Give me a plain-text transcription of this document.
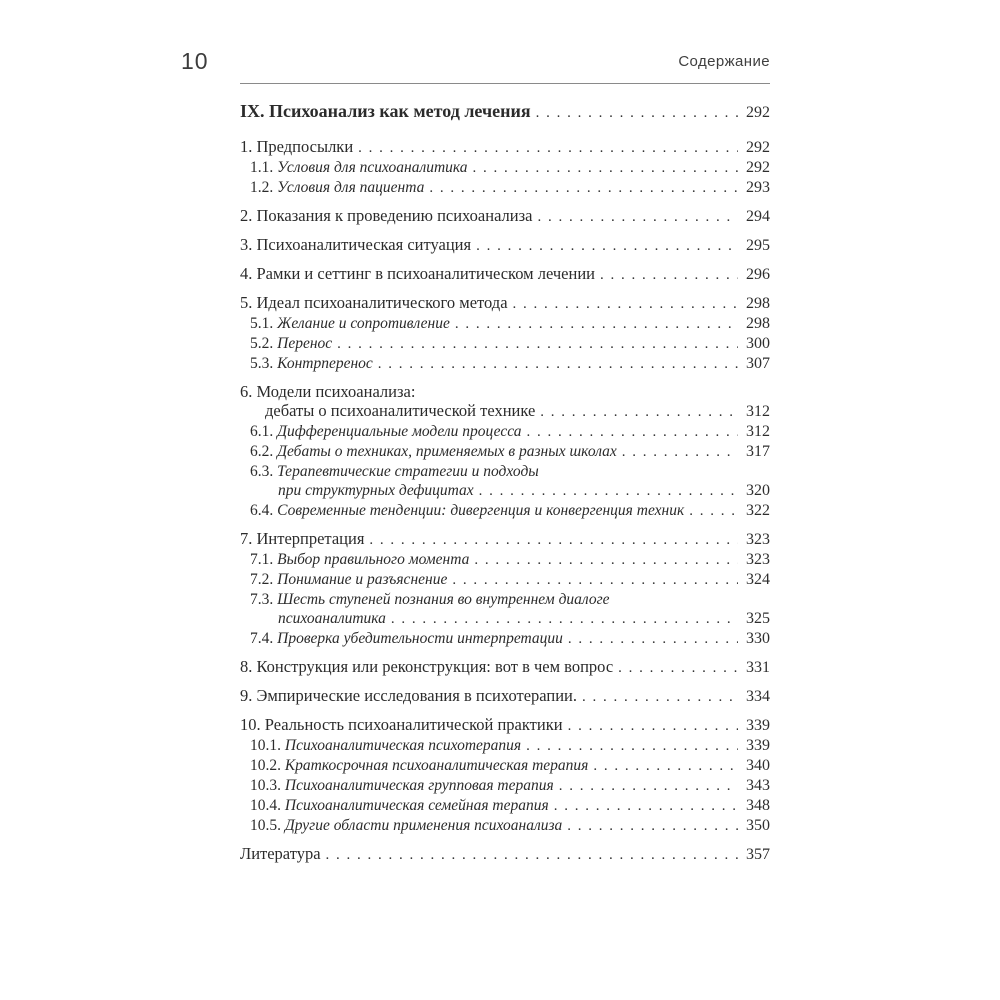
10	Содержание
IX. Психоанализ как метод лечения . . .	292
1. Предпосылки . . .	292
1.1. Условия для психоаналитика . . .	292
1.2. Условия для пациента . . .	293
2. Показания к проведению психоанализа . . .	294
3. Психоаналитическая ситуация . . .	295
4. Рамки и сеттинг в психоаналитическом лечении . . .	296
5. Идеал психоаналитического метода . . .	298
5.1. Желание и сопротивление . . .	298
5.2. Перенос . . .	300
5.3. Контрперенос . . .	307
6. Модели психоанализа:
дебаты о психоаналитической технике . . .	312
6.1. Дифференциальные модели процесса . . .	312
6.2. Дебаты о техниках, применяемых в разных школах . . .	317
6.3. Терапевтические стратегии и подходы
при структурных дефицитах . . .	320
6.4. Современные тенденции: дивергенция и конвергенция техник . . .	322
7. Интерпретация . . .	323
7.1. Выбор правильного момента . . .	323
7.2. Понимание и разъяснение . . .	324
7.3. Шесть ступеней познания во внутреннем диалоге
психоаналитика . . .	325
7.4. Проверка убедительности интерпретации . . .	330
8. Конструкция или реконструкция: вот в чем вопрос . . .	331
9. Эмпирические исследования в психотерапии. . . .	334
10. Реальность психоаналитической практики . . .	339
10.1. Психоаналитическая психотерапия . . .	339
10.2. Краткосрочная психоаналитическая терапия . . .	340
10.3. Психоаналитическая групповая терапия . . .	343
10.4. Психоаналитическая семейная терапия . . .	348
10.5. Другие области применения психоанализа . . .	350
Литература . . .	357
